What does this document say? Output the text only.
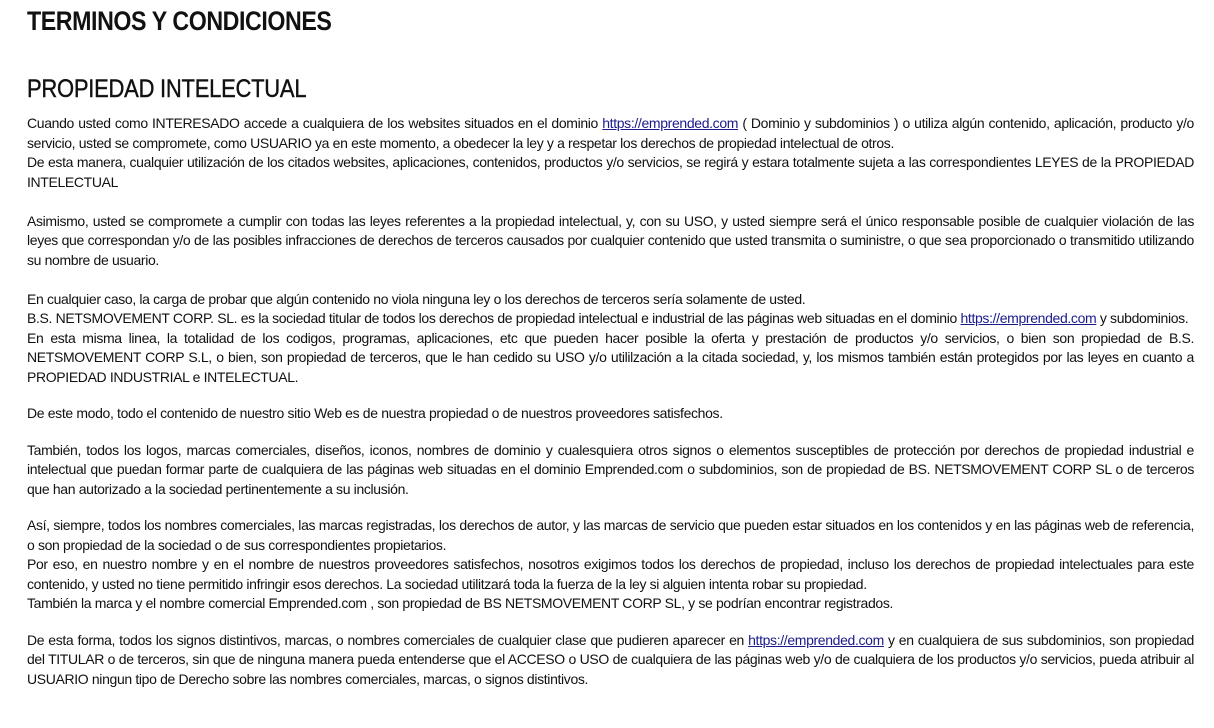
TERMINOS Y CONDICIONES
PROPIEDAD INTELECTUAL

Cuando usted como INTERESADO accede a cualquiera de los websites situados en el dominio https://emprended.com ( Dominio y subdominios ) o utiliza algún contenido, aplicación, producto y/o servicio, usted se compromete, como USUARIO ya en este momento, a obedecer la ley y a respetar los derechos de propiedad intelectual de otros.

De esta manera, cualquier utilización de los citados websites, aplicaciones, contenidos, productos y/o servicios, se regirá y estara totalmente sujeta a las correspondientes LEYES de la PROPIEDAD INTELECTUAL

Asimismo, usted se compromete a cumplir con todas las leyes referentes a la propiedad intelectual, y, con su USO, y usted siempre será el único responsable posible de cualquier violación de las leyes que correspondan y/o de las posibles infracciones de derechos de terceros causados por cualquier contenido que usted transmita o suministre, o que sea proporcionado o transmitido utilizando su nombre de usuario.

En cualquier caso, la carga de probar que algún contenido no viola ninguna ley o los derechos de terceros sería solamente de usted.

B.S. NETSMOVEMENT CORP. SL. es la sociedad titular de todos los derechos de propiedad intelectual e industrial de las páginas web situadas en el dominio https://emprended.com y subdominios.

En esta misma linea, la totalidad de los codigos, programas, aplicaciones, etc que pueden hacer posible la oferta y prestación de productos y/o servicios, o bien son propiedad de B.S. NETSMOVEMENT CORP S.L, o bien, son propiedad de terceros, que le han cedido su USO y/o utililzación a la citada sociedad, y, los mismos también están protegidos por las leyes en cuanto a PROPIEDAD INDUSTRIAL e INTELECTUAL.

De este modo, todo el contenido de nuestro sitio Web es de nuestra propiedad o de nuestros proveedores satisfechos.

También, todos los logos, marcas comerciales, diseños, iconos, nombres de dominio y cualesquiera otros signos o elementos susceptibles de protección por derechos de propiedad industrial e intelectual que puedan formar parte de cualquiera de las páginas web situadas en el dominio Emprended.com o subdominios, son de propiedad de BS. NETSMOVEMENT CORP SL o de terceros que han autorizado a la sociedad pertinentemente a su inclusión.

Así, siempre, todos los nombres comerciales, las marcas registradas, los derechos de autor, y las marcas de servicio que pueden estar situados en los contenidos y en las páginas web de referencia, o son propiedad de la sociedad o de sus correspondientes propietarios.

Por eso, en nuestro nombre y en el nombre de nuestros proveedores satisfechos, nosotros exigimos todos los derechos de propiedad, incluso los derechos de propiedad intelectuales para este contenido, y usted no tiene permitido infringir esos derechos. La sociedad utilitzará toda la fuerza de la ley si alguien intenta robar su propiedad.

También la marca y el nombre comercial Emprended.com , son propiedad de BS NETSMOVEMENT CORP SL, y se podrían encontrar registrados.

De esta forma, todos los signos distintivos, marcas, o nombres comerciales de cualquier clase que pudieren aparecer en https://emprended.com y en cualquiera de sus subdominios, son propiedad del TITULAR o de terceros, sin que de ninguna manera pueda entenderse que el ACCESO o USO de cualquiera de las páginas web y/o de cualquiera de los productos y/o servicios, pueda atribuir al USUARIO ningun tipo de Derecho sobre las nombres comerciales, marcas, o signos distintivos.
